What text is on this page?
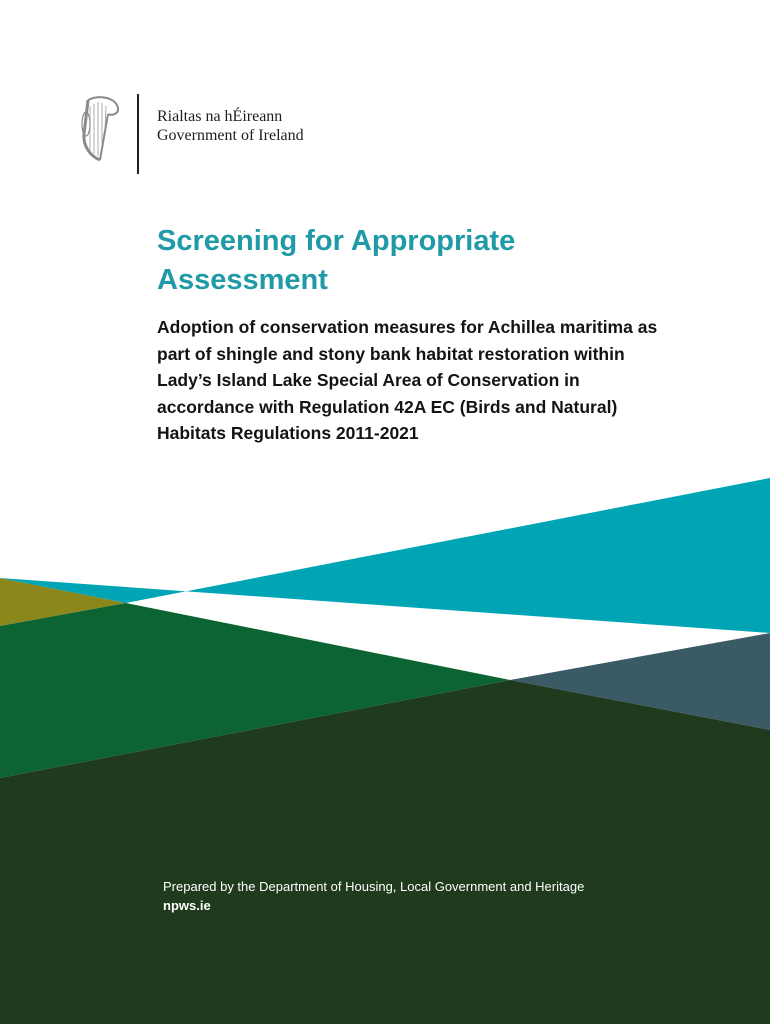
Rialtas na hÉireann
Government of Ireland
Screening for Appropriate Assessment

Adoption of conservation measures for Achillea maritima as part of shingle and stony bank habitat restoration within Lady’s Island Lake Special Area of Conservation in accordance with Regulation 42A EC (Birds and Natural) Habitats Regulations 2011-2021

Prepared by the Department of Housing, Local Government and Heritage
npws.ie
